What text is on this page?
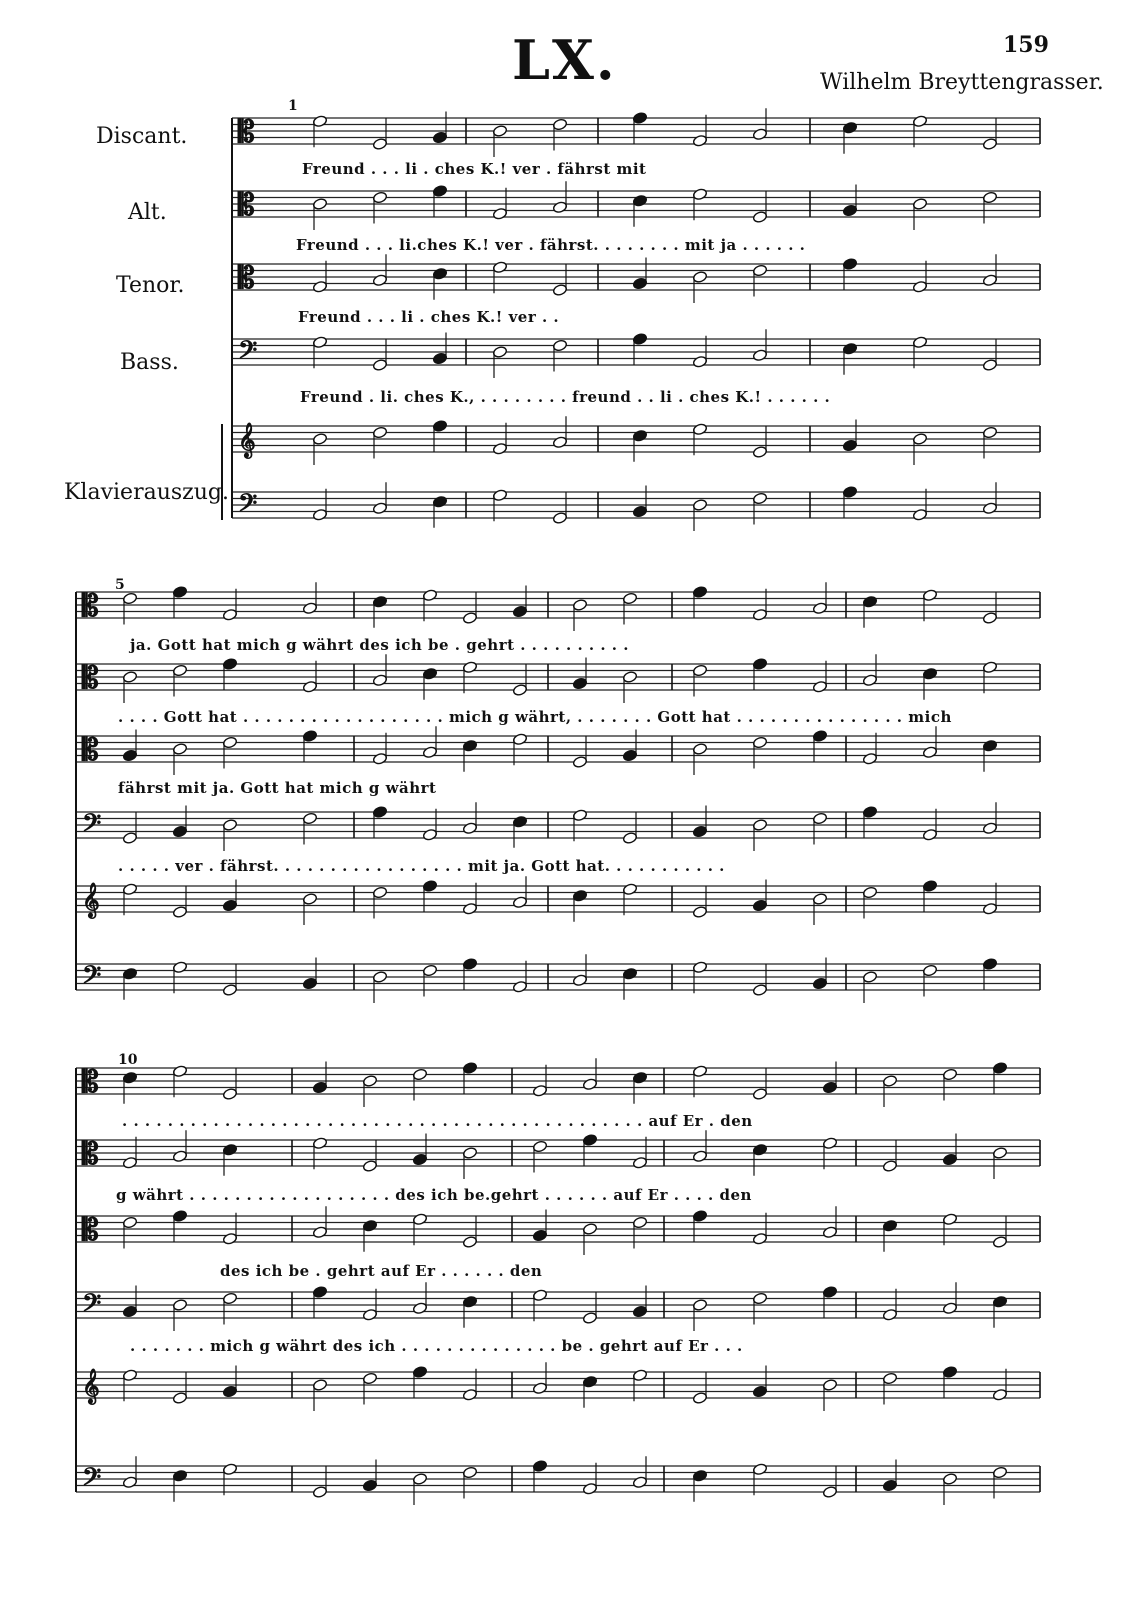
𝄡
𝄡
𝄡
𝄢
𝄞
𝄢
𝄡
𝄡
𝄡
𝄢
𝄞
𝄢
𝄡
𝄡
𝄡
𝄢
𝄞
𝄢
LX.	159
Wilhelm Breyttengrasser.
Discant.
Alt.
Tenor.
Bass.
Klavierauszug.
1
5
10
Freund . . . li . ches K.! ver . fährst mit
Freund . . . li.ches K.! ver . fährst. . . . . . . . mit ja . . . . . .
Freund . . . li . ches K.! ver . .
Freund . li. ches K., . . . . . . . . freund . . li . ches K.! . . . . . .
ja. Gott hat mich g wӓhrt des ich be . gehrt . . . . . . . . . .
. . . . Gott hat . . . . . . . . . . . . . . . . . . mich g wӓhrt, . . . . . . . Gott hat . . . . . . . . . . . . . . . mich
fährst mit ja. Gott hat mich g wӓhrt
. . . . . ver . fährst. . . . . . . . . . . . . . . . . mit ja. Gott hat. . . . . . . . . . .
. . . . . . . . . . . . . . . . . . . . . . . . . . . . . . . . . . . . . . . . . . . . . . auf Er . den
g wӓhrt . . . . . . . . . . . . . . . . . . des ich be.gehrt . . . . . . auf Er . . . . den
des ich be . gehrt auf Er . . . . . . den
. . . . . . . mich g wӓhrt des ich . . . . . . . . . . . . . . be . gehrt auf Er . . .
